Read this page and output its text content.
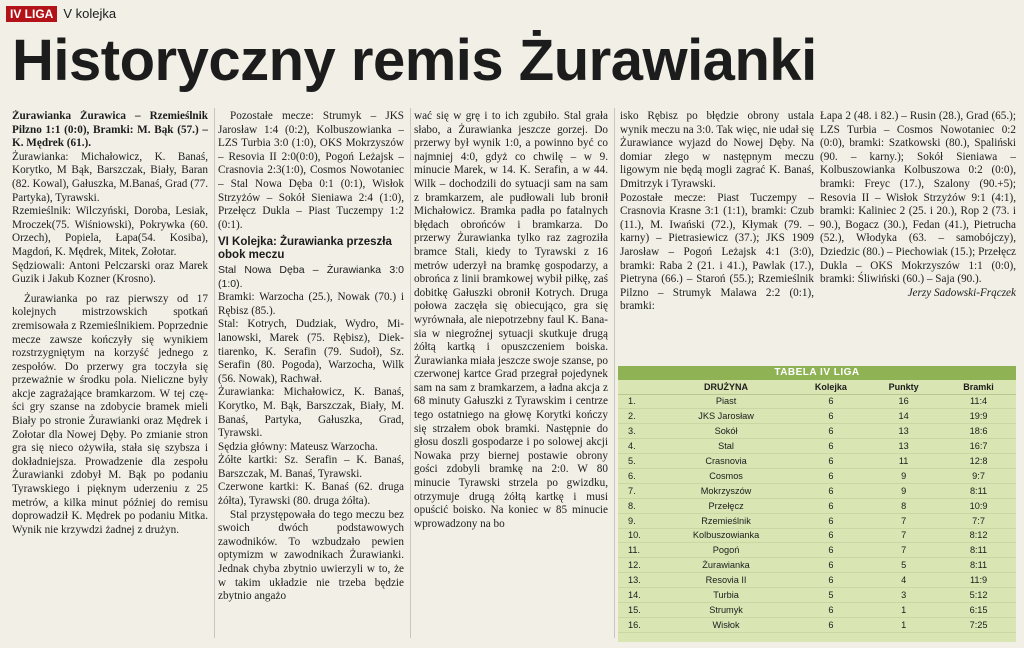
IV LIGA V kolejka
Historyczny remis Żurawianki

Żurawianka Żurawica – Rzemieślnik Pilzno 1:1 (0:0), Bramki: M. Bąk (57.) – K. Mędrek (61.).

Żurawianka: Michałowicz, K. Banaś, Korytko, M Bąk, Barszczak, Biały, Baran (82. Kowal), Gałuszka, M.Banaś, Grad (77. Partyka), Tyrawski.

Rzemieślnik: Wilczyński, Doroba, Lesiak, Mroczek(75. Wiśniowski), Pokrywka (60. Orzech), Popiela, Łapa(54. Kosiba), Magdoń, K. Mędrek, Mitek, Zołotar.

Sędziowali: Antoni Pelczarski oraz Marek Guzik i Jakub Kozner (Krosno).

Żurawianka po raz pierwszy od 17 kolejnych mistrzowskich spotkań zremisowała z Rzemieślnikiem. Poprzednie mecze zawsze kończyły się wynikiem rozstrzygniętym na korzyść jednego z zespołów. Do przerwy gra toczyła się przeważnie w środku pola. Nieliczne były akcje zagrażające bramkarzom. W tej części gry szanse na zdobycie bramek mieli Biały po stronie Żurawianki oraz Mędrek i Zołotar dla Nowej Dęby. Po zmianie stron gra się nieco ożywiła, stała się szybsza i dokładniejsza. Prowadzenie dla zespołu Żurawianki zdobył M. Bąk po podaniu Tyrawskiego i pięknym uderzeniu z 25 metrów, a kilka minut później do remisu doprowadził K. Mędrek po podaniu Mitka. Wynik nie krzywdzi żadnej z drużyn.

Pozostałe mecze: Strumyk – JKS Jarosław 1:4 (0:2), Kolbuszowianka – LZS Turbia 3:0 (1:0), OKS Mokrzyszów – Resovia II 2:0(0:0), Pogoń Leżajsk – Crasnovia 2:3(1:0), Cosmos Nowotaniec – Stal Nowa Dęba 0:1 (0:1), Wisłok Strzyżów – Sokół Sieniawa 2:4 (1:0), Przełęcz Dukla – Piast Tuczempy 1:2 (0:1).

VI Kolejka: Żurawianka przeszła obok meczu

Stal Nowa Dęba – Żurawianka 3:0 (1:0).

Bramki: Warzocha (25.), Nowak (70.) i Rębisz (85.).

Stal: Kotrych, Dudziak, Wydro, Milanowski, Marek (75. Rębisz), Diektiarenko, K. Serafin (79. Sudoł), Sz. Serafin (80. Pogoda), Warzocha, Wilk (56. Nowak), Rachwał.

Żurawianka: Michałowicz, K. Banaś, Korytko, M. Bąk, Barszczak, Biały, M. Banaś, Partyka, Gałuszka, Grad, Tyrawski.

Sędzia główny: Mateusz Warzocha.

Żółte kartki: Sz. Serafin – K. Banaś, Barszczak, M. Banaś, Tyrawski.

Czerwone kartki: K. Banaś (62. druga żółta), Tyrawski (80. druga żółta).

Stal przystępowała do tego meczu bez swoich dwóch podstawowych zawodników. To wzbudzało pewien optymizm w zawodnikach Żurawianki. Jednak chyba zbytnio uwierzyli w to, że w takim układzie nie trzeba będzie zbytnio angażo

wać się w grę i to ich zgubiło. Stal grała słabo, a Żurawianka jeszcze gorzej. Do przerwy był wynik 1:0, a powinno być co najmniej 4:0, gdyż co chwilę – w 9. minucie Marek, w 14. K. Serafin, a w 44. Wilk – dochodzili do sytuacji sam na sam z bramkarzem, ale pudłowali lub bronił Michałowicz. Bramka padła po fatalnych błędach obrońców i bramkarza. Do przerwy Żurawianka tylko raz zagroziła bramce Stali, kiedy to Tyrawski z 16 metrów uderzył na bramkę gospodarzy, a obrońca z linii bramkowej wybił piłkę, zaś dobitkę Gałuszki obronił Kotrych. Druga połowa zaczęła się obiecująco, gra się wyrównała, ale niepotrzebny faul K. Banasia w niegroźnej sytuacji skutkuje drugą żółtą kartką i opuszczeniem boiska. Żurawianka miała jeszcze swoje szanse, po czerwonej kartce Grad przegrał pojedynek sam na sam z bramkarzem, a ładna akcja z 68 minuty Gałuszki z Tyrawskim i centrze tego ostatniego na głowę Korytki kończy się strzałem obok bramki. Następnie do głosu doszli gospodarze i po solowej akcji Nowaka przy biernej postawie obrony gości zdobyli bramkę na 2:0. W 80 minucie Tyrawski strzela po gwizdku, otrzymuje drugą żółtą kartkę i musi opuścić boisko. Na koniec w 85 minucie wprowadzony na bo

isko Rębisz po błędzie obrony ustala wynik meczu na 3:0. Tak więc, nie udał się Żurawiance wyjazd do Nowej Dęby. Na domiar złego w następnym meczu ligowym nie będą mogli zagrać K. Banaś, Dmitrzyk i Tyrawski.

Pozostałe mecze: Piast Tuczempy – Crasnovia Krasne 3:1 (1:1), bramki: Czub (11.), M. Iwański (72.), Kłymak (79. – karny) – Pietrasiewicz (37.); JKS 1909 Jarosław – Pogoń Leżajsk 4:1 (3:0), bramki: Raba 2 (21. i 41.), Pawlak (17.), Pietryna (66.) – Staroń (55.); Rzemieślnik Pilzno – Strumyk Malawa 2:2 (0:1), bramki:

Łapa 2 (48. i 82.) – Rusin (28.), Grad (65.); LZS Turbia – Cosmos Nowotaniec 0:2 (0:0), bramki: Szatkowski (80.), Spaliński (90. – karny.); Sokół Sieniawa – Kolbuszowianka Kolbuszowa 0:2 (0:0), bramki: Freyc (17.), Szalony (90.+5); Resovia II – Wisłok Strzyżów 9:1 (4:1), bramki: Kaliniec 2 (25. i 20.), Rop 2 (73. i 90.), Bogacz (30.), Fedan (41.), Pietrucha (52.), Włodyka (63. – samobójczy), Dziedzic (80.) – Piechowiak (15.); Przełęcz Dukla – OKS Mokrzyszów 1:1 (0:0), bramki: Śliwiński (60.) – Saja (90.).

Jerzy Sadowski-Frączek

TABELA IV LIGA
	DRUŻYNA	Kolejka	Punkty	Bramki
1.	Piast	6	16	11:4
2.	JKS Jarosław	6	14	19:9
3.	Sokół	6	13	18:6
4.	Stal	6	13	16:7
5.	Crasnovia	6	11	12:8
6.	Cosmos	6	9	9:7
7.	Mokrzyszów	6	9	8:11
8.	Przełęcz	6	8	10:9
9.	Rzemieślnik	6	7	7:7
10.	Kolbuszowianka	6	7	8:12
11.	Pogoń	6	7	8:11
12.	Żurawianka	6	5	8:11
13.	Resovia II	6	4	11:9
14.	Turbia	5	3	5:12
15.	Strumyk	6	1	6:15
16.	Wisłok	6	1	7:25
